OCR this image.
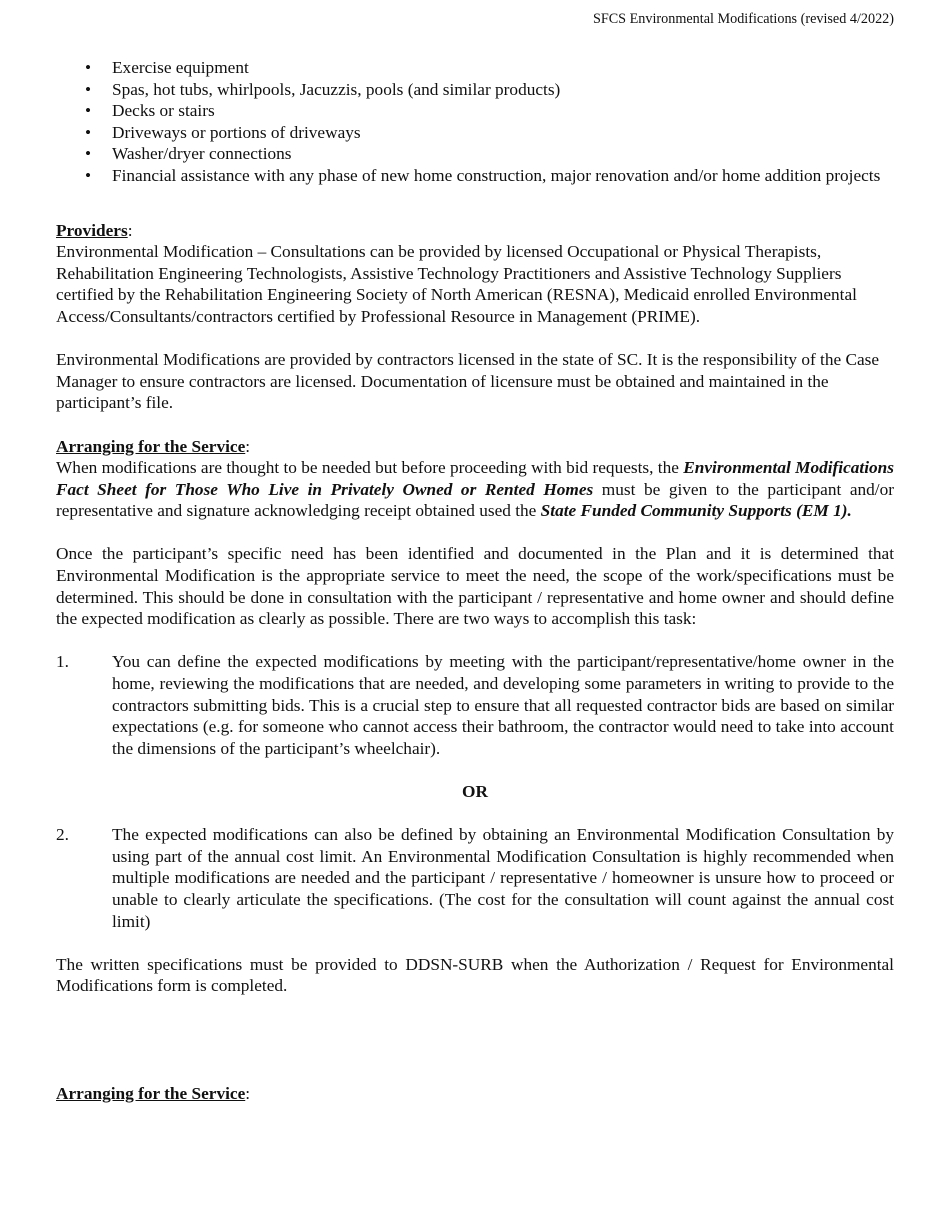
SFCS Environmental Modifications (revised 4/2022)
• Exercise equipment
• Spas, hot tubs, whirlpools, Jacuzzis, pools (and similar products)
• Decks or stairs
• Driveways or portions of driveways
• Washer/dryer connections
• Financial assistance with any phase of new home construction, major renovation and/or home addition projects

Providers:

Environmental Modification – Consultations can be provided by licensed Occupational or Physical Therapists, Rehabilitation Engineering Technologists, Assistive Technology Practitioners and Assistive Technology Suppliers certified by the Rehabilitation Engineering Society of North American (RESNA), Medicaid enrolled Environmental Access/Consultants/contractors certified by Professional Resource in Management (PRIME).

Environmental Modifications are provided by contractors licensed in the state of SC. It is the responsibility of the Case Manager to ensure contractors are licensed. Documentation of licensure must be obtained and maintained in the participant’s file.

Arranging for the Service:

When modifications are thought to be needed but before proceeding with bid requests, the Environmental Modifications Fact Sheet for Those Who Live in Privately Owned or Rented Homes must be given to the participant and/or representative and signature acknowledging receipt obtained used the State Funded Community Supports (EM 1).

Once the participant’s specific need has been identified and documented in the Plan and it is determined that Environmental Modification is the appropriate service to meet the need, the scope of the work/specifications must be determined. This should be done in consultation with the participant / representative and home owner and should define the expected modification as clearly as possible. There are two ways to accomplish this task:

1. You can define the expected modifications by meeting with the participant/representative/home owner in the home, reviewing the modifications that are needed, and developing some parameters in writing to provide to the contractors submitting bids. This is a crucial step to ensure that all requested contractor bids are based on similar expectations (e.g. for someone who cannot access their bathroom, the contractor would need to take into account the dimensions of the participant’s wheelchair).

OR

2. The expected modifications can also be defined by obtaining an Environmental Modification Consultation by using part of the annual cost limit. An Environmental Modification Consultation is highly recommended when multiple modifications are needed and the participant / representative / homeowner is unsure how to proceed or unable to clearly articulate the specifications. (The cost for the consultation will count against the annual cost limit)

The written specifications must be provided to DDSN-SURB when the Authorization / Request for Environmental Modifications form is completed.

Arranging for the Service:
